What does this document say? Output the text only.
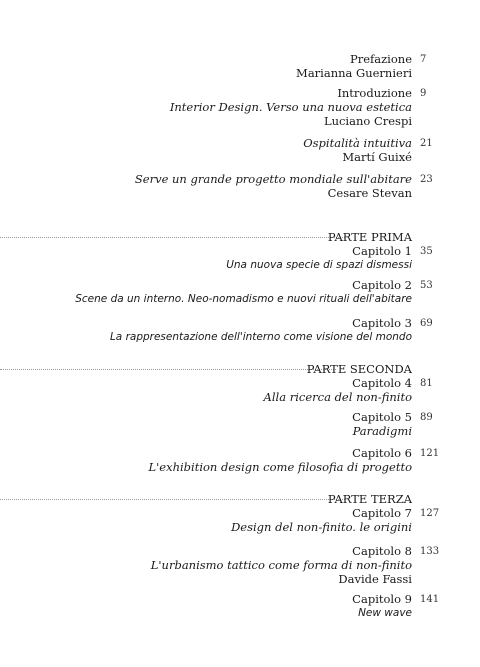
Prefazione
Marianna Guernieri
7
Introduzione
Interior Design. Verso una nuova estetica
Luciano Crespi
9
Ospitalità intuitiva
Martí Guixé
21
Serve un grande progetto mondiale sull'abitare
Cesare Stevan
23
PARTE PRIMA
Capitolo 1
Una nuova specie di spazi dismessi
35
Capitolo 2
Scene da un interno. Neo-nomadismo e nuovi rituali dell'abitare
53
Capitolo 3
La rappresentazione dell'interno come visione del mondo
69
PARTE SECONDA
Capitolo 4
Alla ricerca del non-finito
81
Capitolo 5
Paradigmi
89
Capitolo 6
L'exhibition design come filosofia di progetto
121
PARTE TERZA
Capitolo 7
Design del non-finito. le origini
127
Capitolo 8
L'urbanismo tattico come forma di non-finito
Davide Fassi
133
Capitolo 9
New wave
141
